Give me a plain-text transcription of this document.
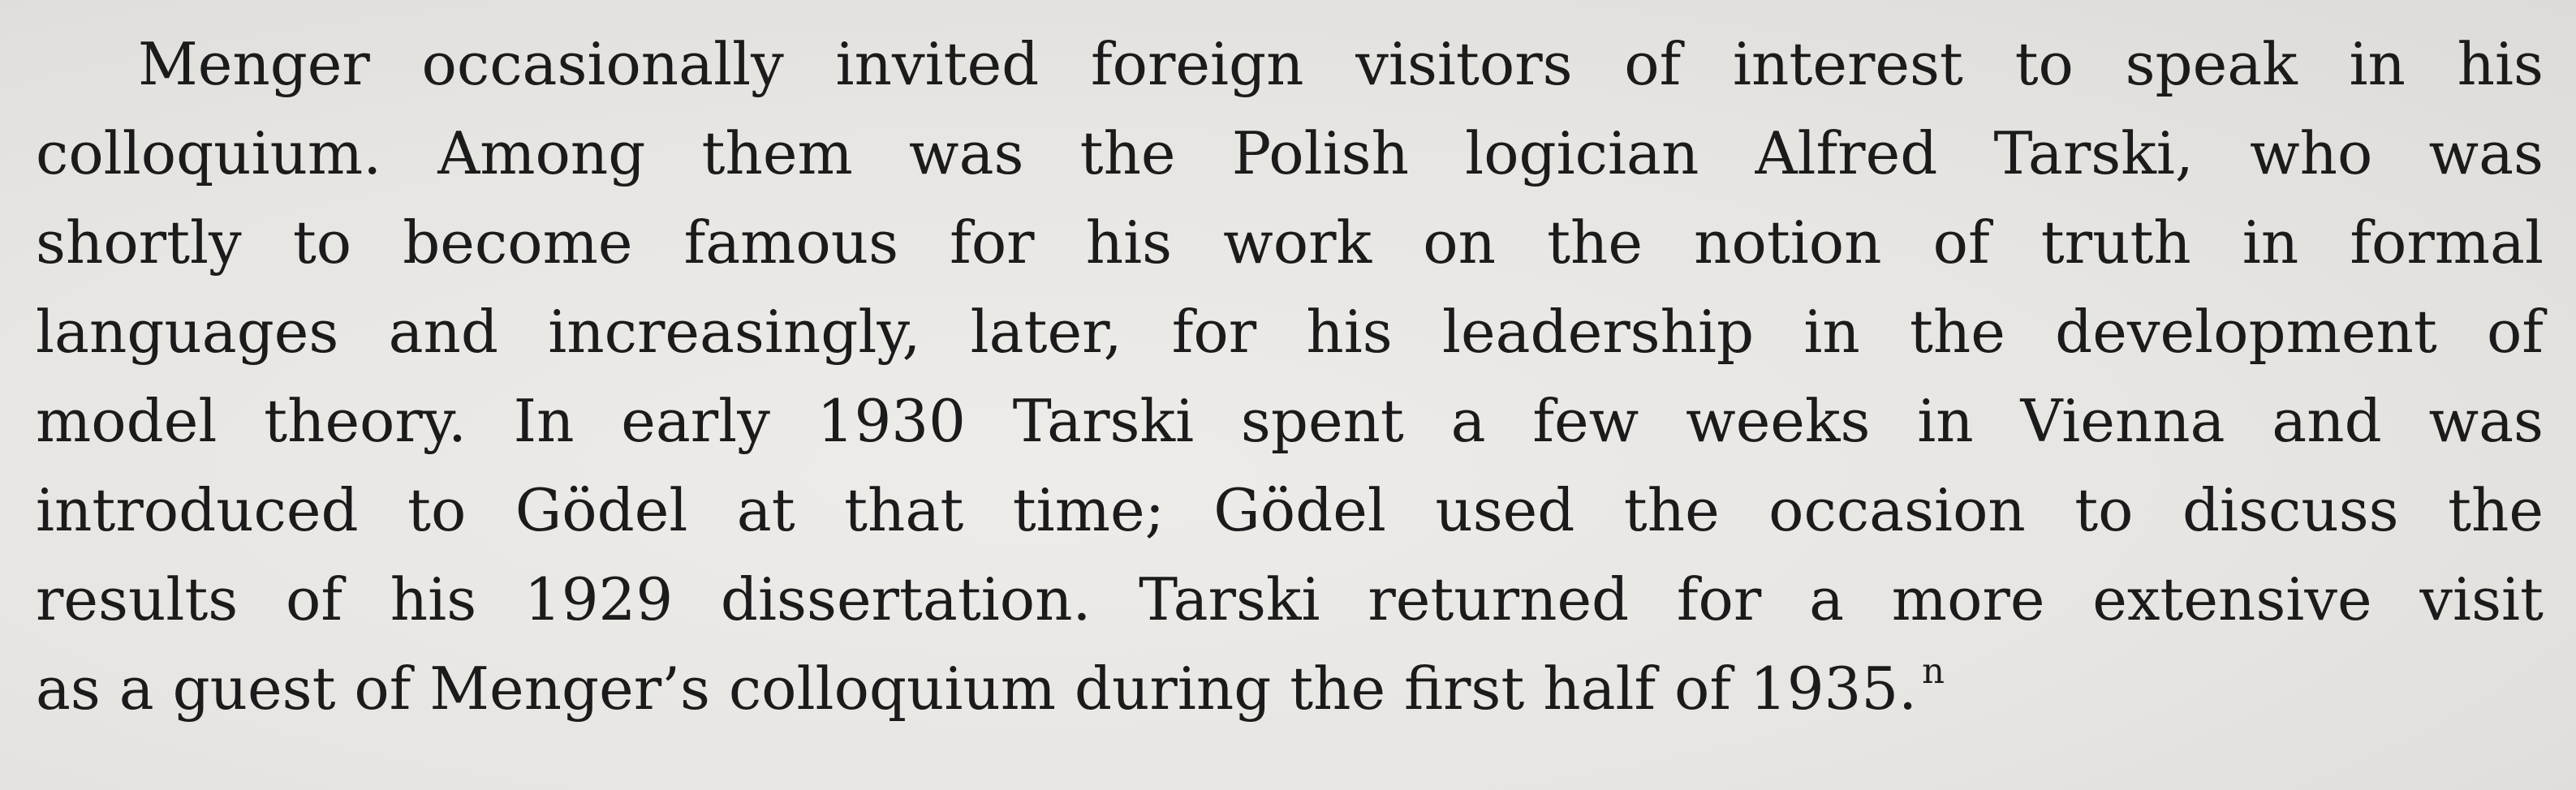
Menger occasionally invited foreign visitors of interest to speak in his
colloquium. Among them was the Polish logician Alfred Tarski, who was
shortly to become famous for his work on the notion of truth in formal
languages and increasingly, later, for his leadership in the development of
model theory. In early 1930 Tarski spent a few weeks in Vienna and was
introduced to Gödel at that time; Gödel used the occasion to discuss the
results of his 1929 dissertation. Tarski returned for a more extensive visit
as a guest of Menger’s colloquium during the first half of 1935. $^n$
